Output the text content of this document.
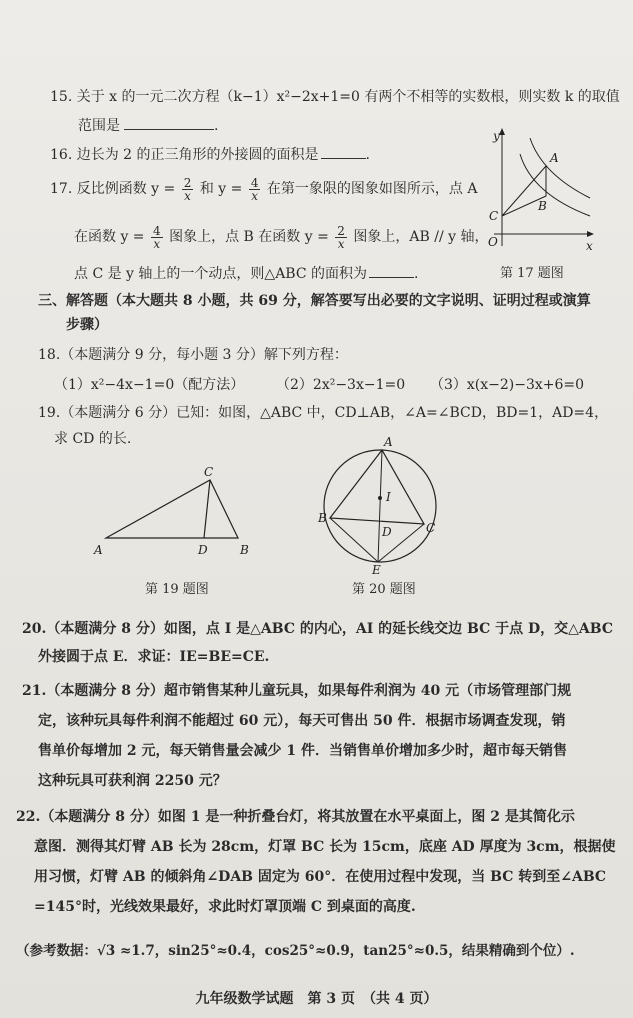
15. 关于 x 的一元二次方程（k−1）x²−2x+1=0 有两个不相等的实数根，则实数 k 的取值
范围是	.
16. 边长为 2 的正三角形的外接圆的面积是	.
17. 反比例函数 $y = \frac{2}{x}$ 和 $y = \frac{4}{x}$ 在第一象限的图象如图所示，点 A
在函数 $y = \frac{4}{x}$ 图象上，点 B 在函数 $y = \frac{2}{x}$ 图象上，AB // y 轴，
点 C 是 y 轴上的一个动点，则△ABC 的面积为	.
y
x
O
A
B
C
第 17 题图
三、解答题（本大题共 8 小题，共 69 分，解答要写出必要的文字说明、证明过程或演算
步骤）
18.（本题满分 9 分，每小题 3 分）解下列方程：
（1）x²−4x−1=0（配方法） （2）2x²−3x−1=0 （3）x(x−2)−3x+6=0
19.（本题满分 6 分）已知：如图，△ABC 中，CD⊥AB，∠A=∠BCD，BD=1，AD=4，
求 CD 的长.
A	B
C
D
第 19 题图
A
B
C
D
E
I
第 20 题图
20.（本题满分 8 分）如图，点 I 是△ABC 的内心，AI 的延长线交边 BC 于点 D，交△ABC
外接圆于点 E．求证：IE=BE=CE.
21.（本题满分 8 分）超市销售某种儿童玩具，如果每件利润为 40 元（市场管理部门规
定，该种玩具每件利润不能超过 60 元），每天可售出 50 件．根据市场调查发现，销
售单价每增加 2 元，每天销售量会减少 1 件．当销售单价增加多少时，超市每天销售
这种玩具可获利润 2250 元？
22.（本题满分 8 分）如图 1 是一种折叠台灯，将其放置在水平桌面上，图 2 是其简化示
意图．测得其灯臂 AB 长为 28cm，灯罩 BC 长为 15cm，底座 AD 厚度为 3cm，根据使
用习惯，灯臂 AB 的倾斜角∠DAB 固定为 60°．在使用过程中发现，当 BC 转到至∠ABC
=145°时，光线效果最好，求此时灯罩顶端 C 到桌面的高度.
（参考数据：√3 ≈1.7，sin25°≈0.4，cos25°≈0.9，tan25°≈0.5，结果精确到个位）.
九年级数学试题　第 3 页　（共 4 页）
